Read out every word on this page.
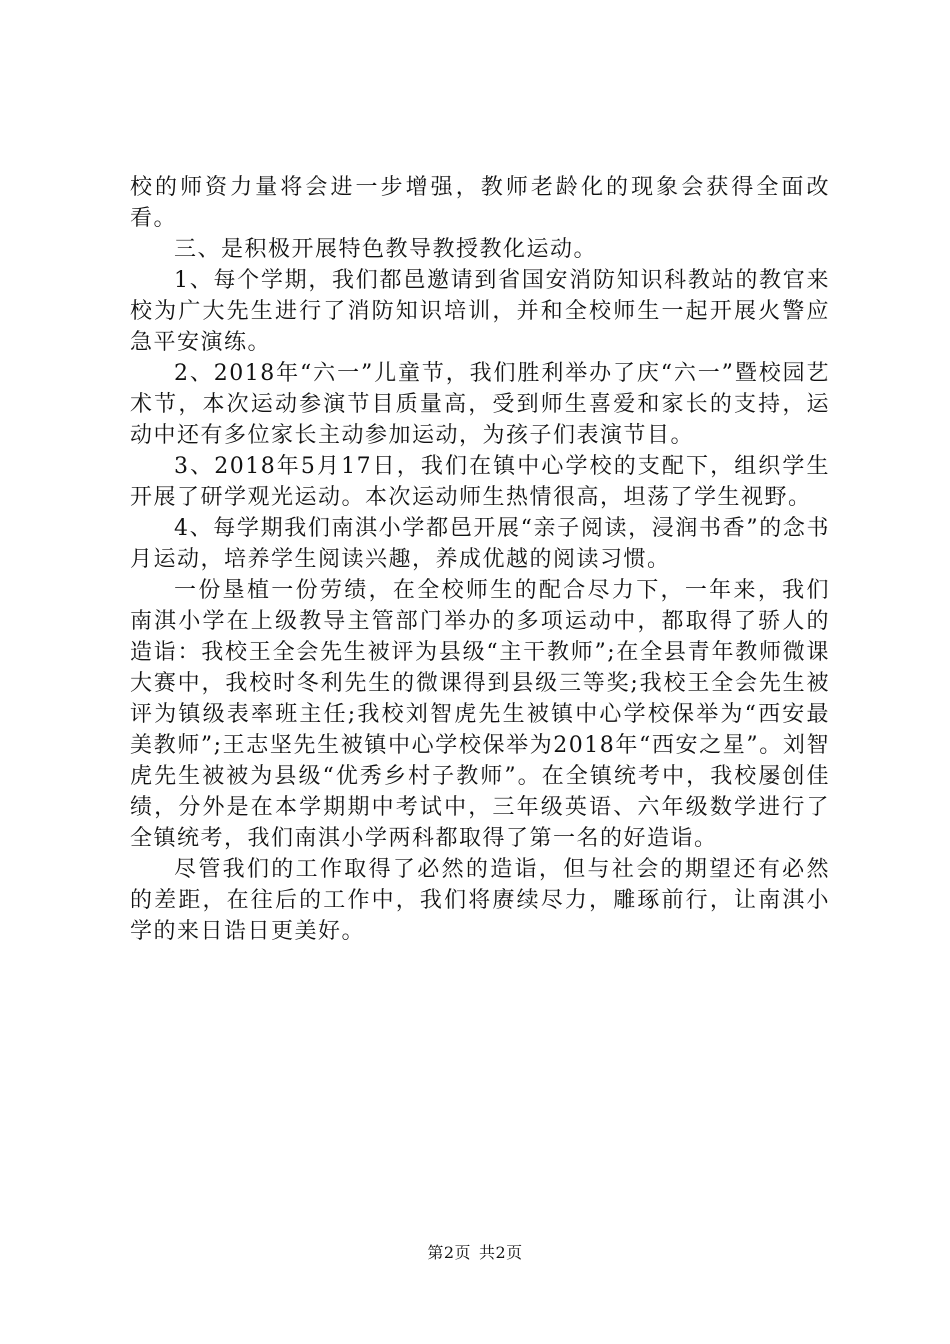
校的师资力量将会进一步增强，教师老龄化的现象会获得全面改看。

三、是积极开展特色教导教授教化运动。

1、每个学期，我们都邑邀请到省国安消防知识科教站的教官来校为广大先生进行了消防知识培训，并和全校师生一起开展火警应急平安演练。

2、2018年“六一”儿童节，我们胜利举办了庆“六一”暨校园艺术节，本次运动参演节目质量高，受到师生喜爱和家长的支持，运动中还有多位家长主动参加运动，为孩子们表演节目。

3、2018年5月17日，我们在镇中心学校的支配下，组织学生开展了研学观光运动。本次运动师生热情很高，坦荡了学生视野。

4、每学期我们南淇小学都邑开展“亲子阅读，浸润书香”的念书月运动，培养学生阅读兴趣，养成优越的阅读习惯。

一份垦植一份劳绩，在全校师生的配合尽力下，一年来，我们南淇小学在上级教导主管部门举办的多项运动中，都取得了骄人的造诣：我校王全会先生被评为县级“主干教师”;在全县青年教师微课大赛中，我校时冬利先生的微课得到县级三等奖;我校王全会先生被评为镇级表率班主任;我校刘智虎先生被镇中心学校保举为“西安最美教师”;王志坚先生被镇中心学校保举为2018年“西安之星”。刘智虎先生被被为县级“优秀乡村子教师”。在全镇统考中，我校屡创佳绩，分外是在本学期期中考试中，三年级英语、六年级数学进行了全镇统考，我们南淇小学两科都取得了第一名的好造诣。

尽管我们的工作取得了必然的造诣，但与社会的期望还有必然的差距，在往后的工作中，我们将赓续尽力，雕琢前行，让南淇小学的来日诰日更美好。

第2页 共2页
